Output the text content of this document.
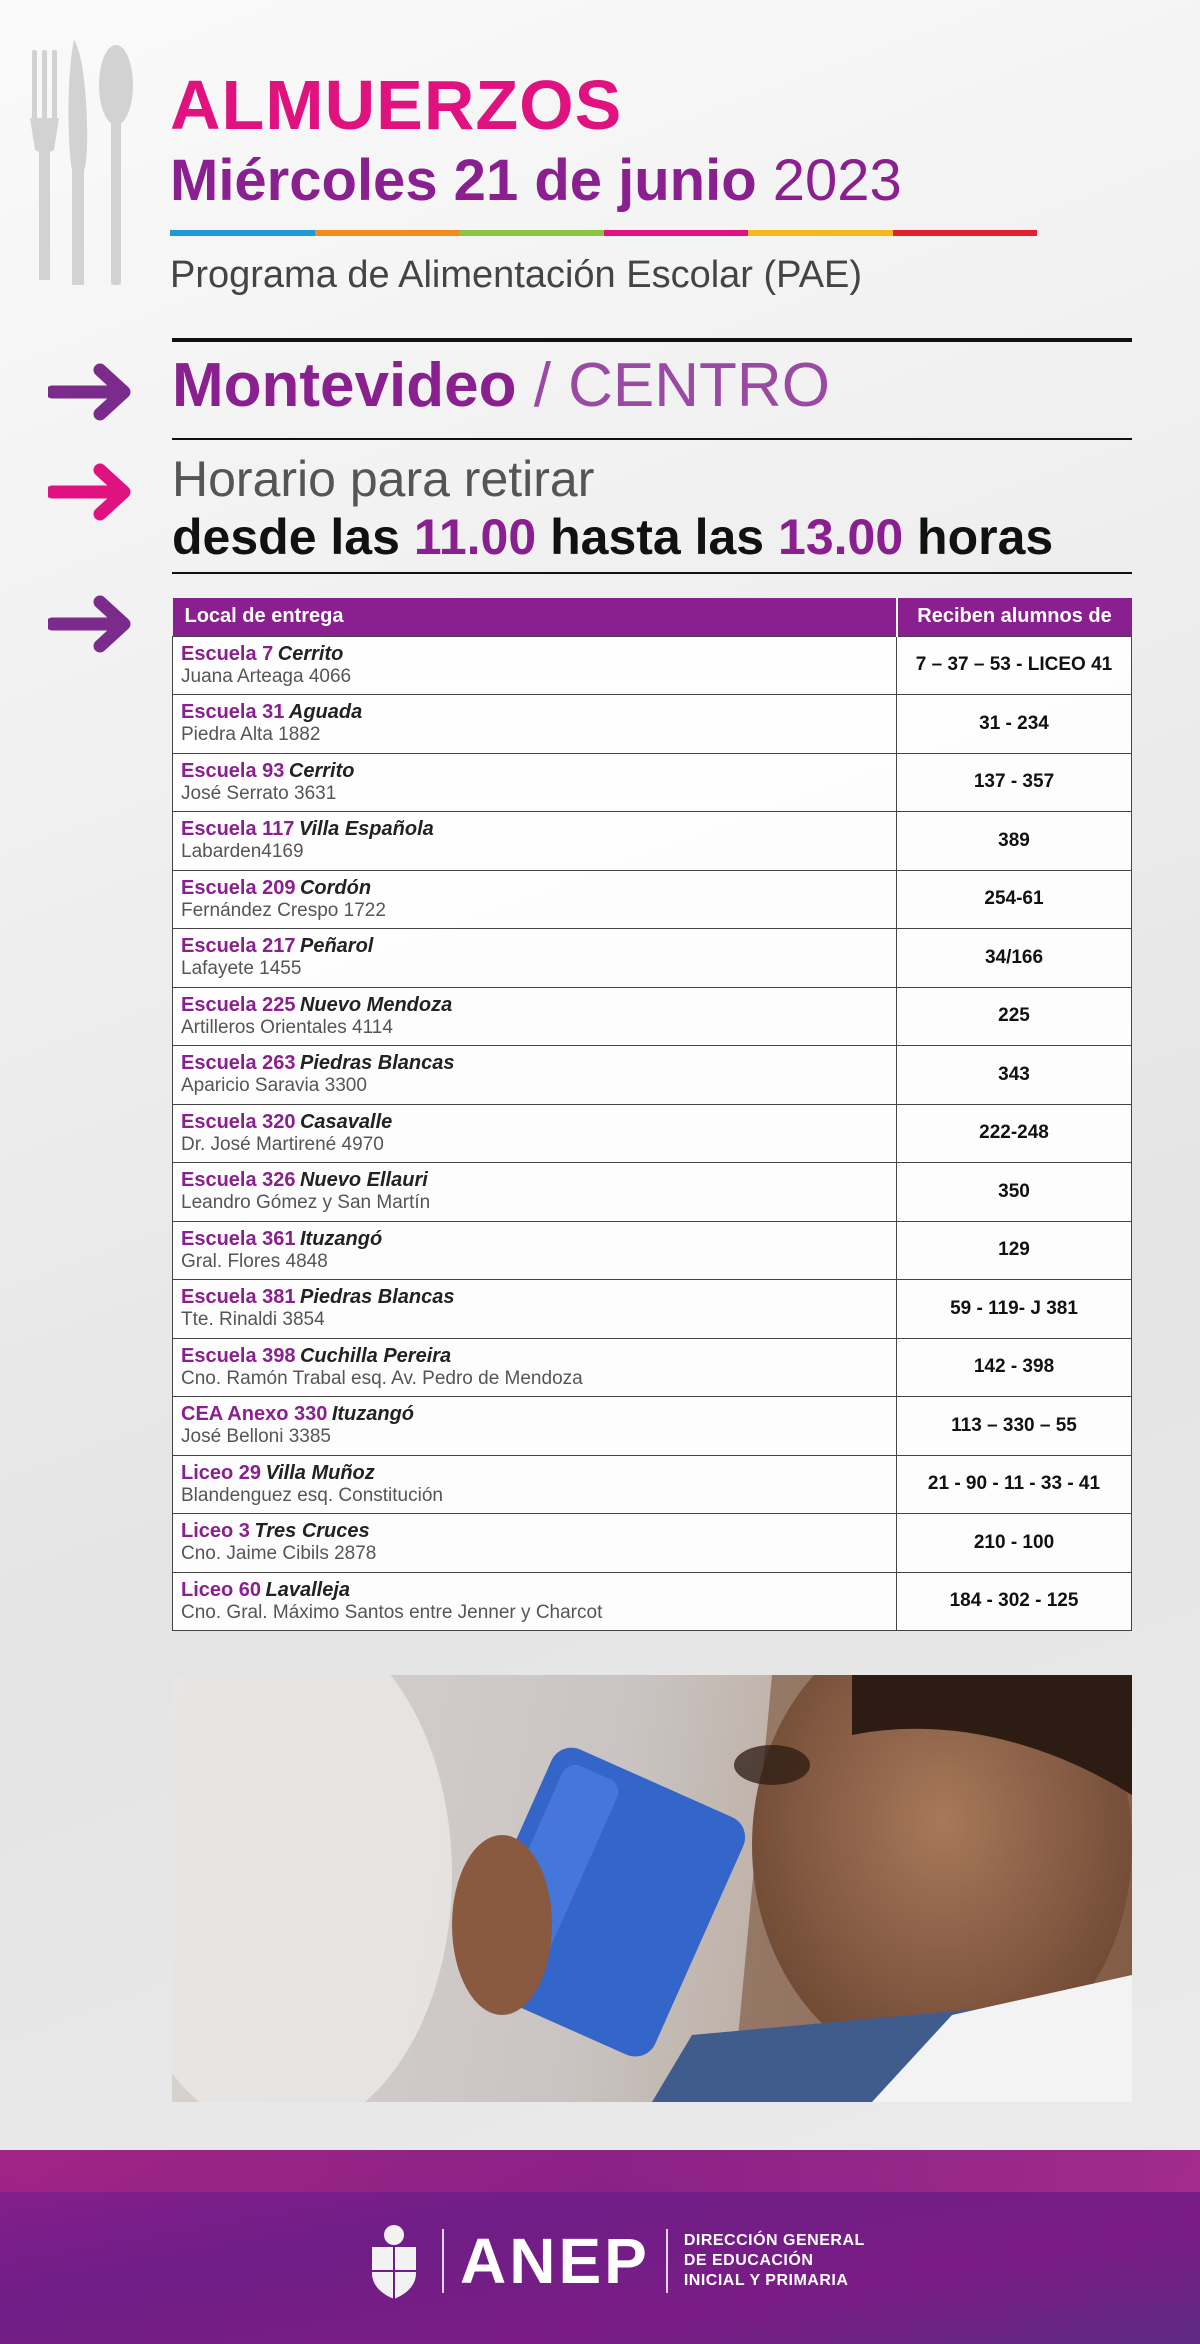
ALMUERZOS
Miércoles 21 de junio 2023
Programa de Alimentación Escolar (PAE)
Montevideo / CENTRO
Horario para retirar
desde las 11.00 hasta las 13.00 horas
Local de entrega	Reciben alumnos de
Escuela 7 Cerrito
Juana Arteaga 4066	7 – 37 – 53 - LICEO 41
Escuela 31 Aguada
Piedra Alta 1882	31 - 234
Escuela 93 Cerrito
José Serrato 3631	137 - 357
Escuela 117 Villa Española
Labarden4169	389
Escuela 209 Cordón
Fernández Crespo 1722	254-61
Escuela 217 Peñarol
Lafayete 1455	34/166
Escuela 225 Nuevo Mendoza
Artilleros Orientales 4114	225
Escuela 263 Piedras Blancas
Aparicio Saravia 3300	343
Escuela 320 Casavalle
Dr. José Martirené 4970	222-248
Escuela 326 Nuevo Ellauri
Leandro Gómez y San Martín	350
Escuela 361 Ituzangó
Gral. Flores 4848	129
Escuela 381 Piedras Blancas
Tte. Rinaldi 3854	59 - 119- J 381
Escuela 398 Cuchilla Pereira
Cno. Ramón Trabal esq. Av. Pedro de Mendoza	142 - 398
CEA Anexo 330 Ituzangó
José Belloni 3385	113 – 330 – 55
Liceo 29 Villa Muñoz
Blandenguez esq. Constitución	21 - 90 - 11 - 33 - 41
Liceo 3 Tres Cruces
Cno. Jaime Cibils 2878	210 - 100
Liceo 60 Lavalleja
Cno. Gral. Máximo Santos entre Jenner y Charcot	184 - 302 - 125
ANEP DIRECCIÓN GENERAL
DE EDUCACIÓN
INICIAL Y PRIMARIA
